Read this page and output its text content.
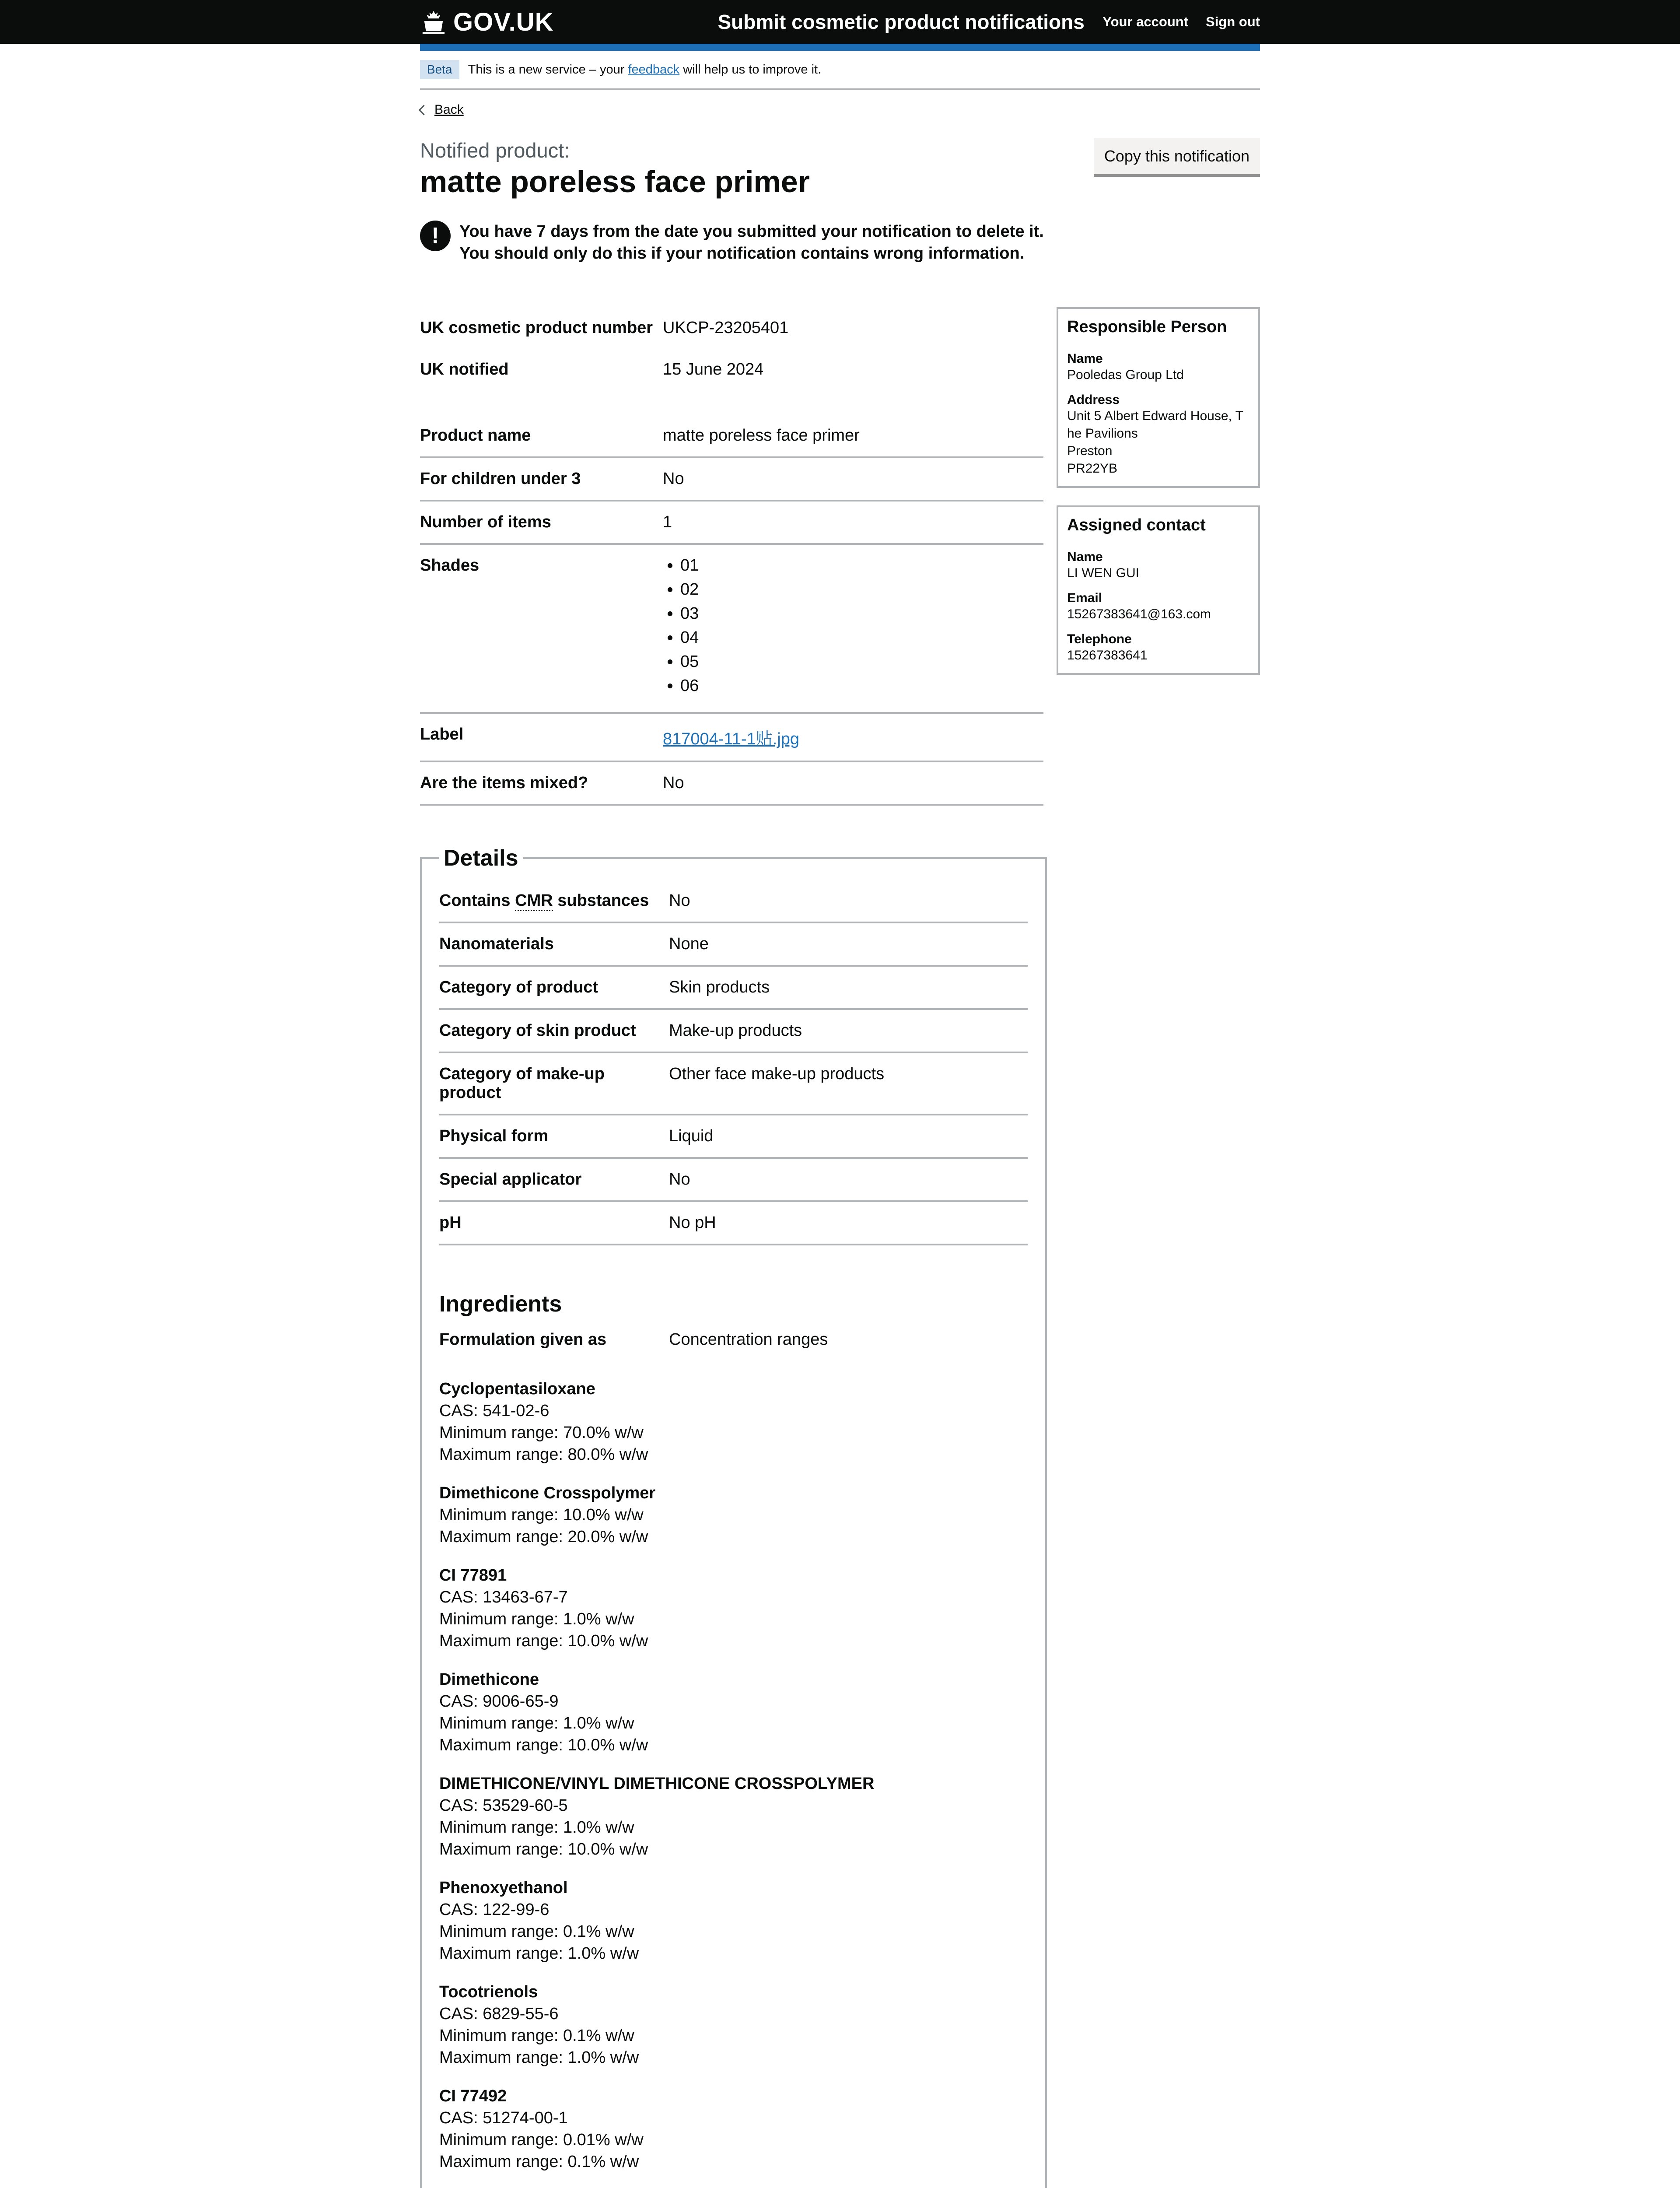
GOV.UK	Submit cosmetic product notifications Your account Sign out
Beta	This is a new service – your
feedback
will help us to improve it.
Back
Notified product:
matte poreless face primer
Copy this notification
!	You have 7 days from the date you submitted your notification to delete it. You should only do this if your notification contains wrong information.
UK cosmetic product number UKCP-23205401
UK notified	15 June 2024
Product name	matte poreless face primer
For children under 3	No
Number of items	1
Shades
•	01
• 02
• 03
• 04
• 05
• 06
Label	817004-11-1贴.jpg
Are the items mixed?	No
Details
Contains CMR substances	No
Nanomaterials	None
Category of product	Skin products
Category of skin product	Make-up products
Category of make-up product
Other face make-up products
Physical form	Liquid
Special applicator	No
pH	No pH
Ingredients
Formulation given as	Concentration ranges
Cyclopentasiloxane
CAS: 541-02-6
Minimum range: 70.0% w/w
Maximum range: 80.0% w/w
Dimethicone Crosspolymer
Minimum range: 10.0% w/w
Maximum range: 20.0% w/w
CI 77891
CAS: 13463-67-7
Minimum range: 1.0% w/w
Maximum range: 10.0% w/w
Dimethicone
CAS: 9006-65-9
Minimum range: 1.0% w/w
Maximum range: 10.0% w/w
DIMETHICONE/VINYL DIMETHICONE CROSSPOLYMER
CAS: 53529-60-5
Minimum range: 1.0% w/w
Maximum range: 10.0% w/w
Phenoxyethanol
CAS: 122-99-6
Minimum range: 0.1% w/w
Maximum range: 1.0% w/w
Tocotrienols
CAS: 6829-55-6
Minimum range: 0.1% w/w
Maximum range: 1.0% w/w
CI 77492
CAS: 51274-00-1
Minimum range: 0.01% w/w
Maximum range: 0.1% w/w
Responsible Person
Name
Pooledas Group Ltd
Address
Unit 5 Albert Edward House, The Pavilions
Preston
PR22YB
Assigned contact
Name
LI WEN GUI
Email
15267383641@163.com
Telephone
15267383641
